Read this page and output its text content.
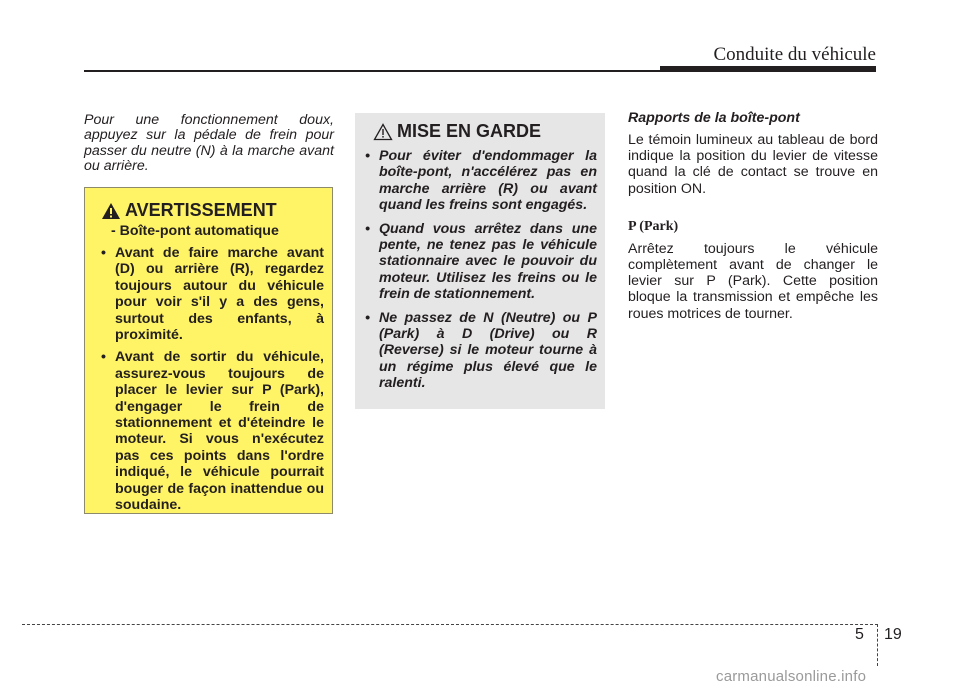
Conduite du véhicule

Pour une fonctionnement doux, appuyez sur la pédale de frein pour passer du neutre (N) à la marche avant ou arrière.

AVERTISSEMENT
- Boîte-pont automatique
• Avant de faire marche avant (D) ou arrière (R), regardez toujours autour du véhicule pour voir s'il y a des gens, surtout des enfants, à proximité.
• Avant de sortir du véhicule, assurez-vous toujours de placer le levier sur P (Park), d'engager le frein de stationnement et d'éteindre le moteur. Si vous n'exécutez pas ces points dans l'ordre indiqué, le véhicule pourrait bouger de façon inattendue ou soudaine.
MISE EN GARDE
• Pour éviter d'endommager la boîte-pont, n'accélérez pas en marche arrière (R) ou avant quand les freins sont engagés.
• Quand vous arrêtez dans une pente, ne tenez pas le véhicule stationnaire avec le pouvoir du moteur. Utilisez les freins ou le frein de stationnement.
• Ne passez de N (Neutre) ou P (Park) à D (Drive) ou R (Reverse) si le moteur tourne à un régime plus élevé que le ralenti.

Rapports de la boîte-pont

Le témoin lumineux au tableau de bord indique la position du levier de vitesse quand la clé de contact se trouve en position ON.

P (Park)

Arrêtez toujours le véhicule complètement avant de changer le levier sur P (Park). Cette position bloque la transmission et empêche les roues motrices de tourner.

5 19
carmanualsonline.info
